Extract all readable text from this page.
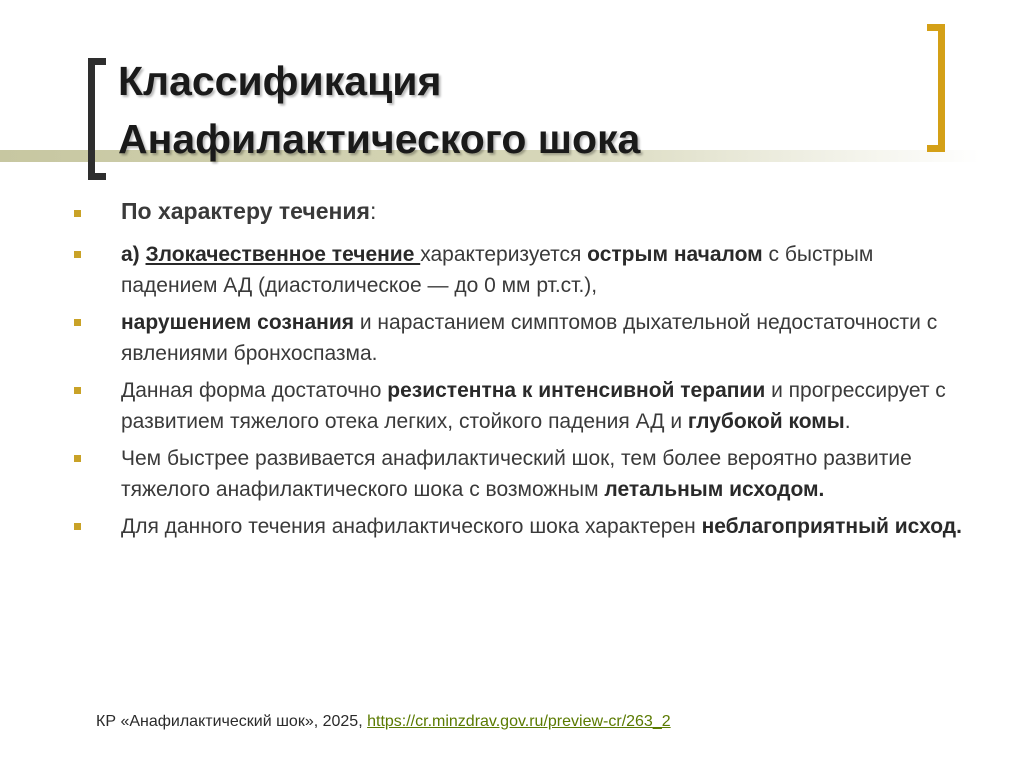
Классификация
Анафилактического шока
По характеру течения:
а) Злокачественное течение характеризуется острым началом с быстрым падением АД (диастолическое — до 0 мм рт.ст.),
нарушением сознания и нарастанием симптомов дыхательной недостаточности с явлениями бронхоспазма.
Данная форма достаточно резистентна к интенсивной терапии и прогрессирует с развитием тяжелого отека легких, стойкого падения АД и глубокой комы.
Чем быстрее развивается анафилактический шок, тем более вероятно развитие тяжелого анафилактического шока с возможным летальным исходом.
Для данного течения анафилактического шока характерен неблагоприятный исход.
КР «Анафилактический шок», 2025, https://cr.minzdrav.gov.ru/preview-cr/263_2
